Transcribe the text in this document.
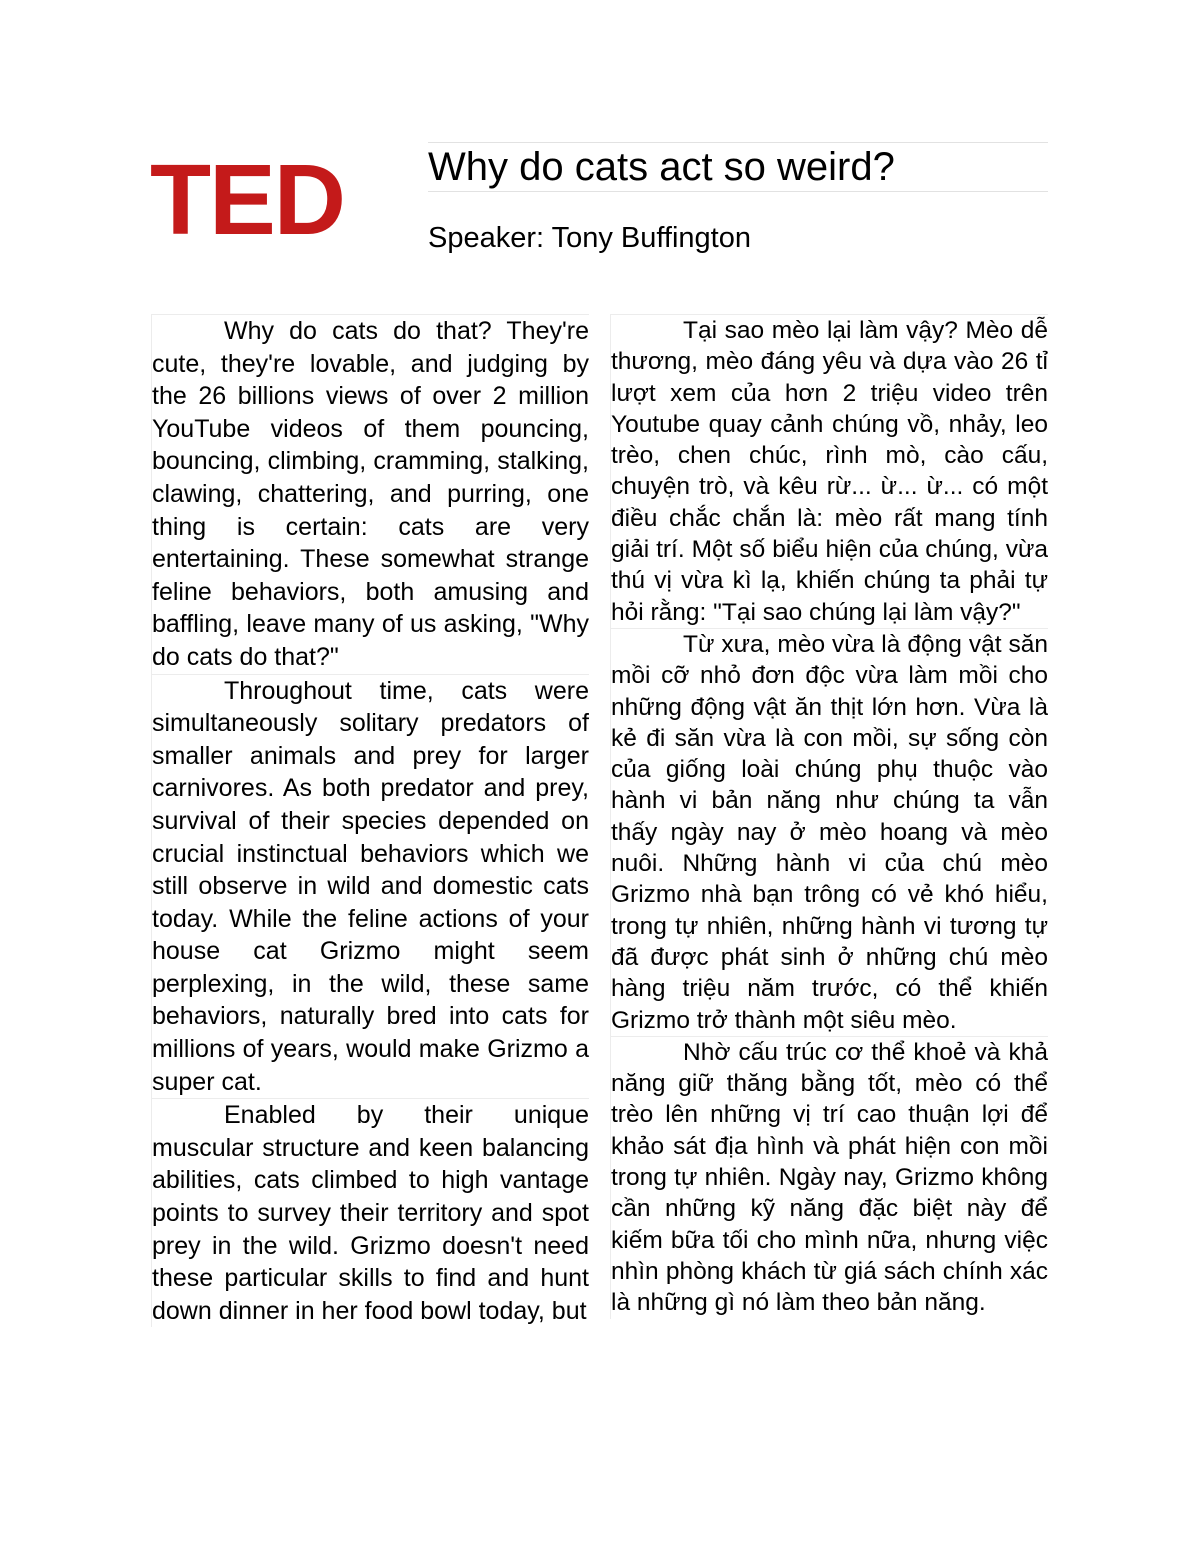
TED Why do cats act so weird?
Speaker: Tony Buffington

Why do cats do that? They're cute, they're lovable, and judging by the 26 billions views of over 2 million YouTube videos of them pouncing, bouncing, climbing, cramming, stalking, clawing, chattering, and purring, one thing is certain: cats are very entertaining. These somewhat strange feline behaviors, both amusing and baffling, leave many of us asking, "Why do cats do that?"

Throughout time, cats were simultaneously solitary predators of smaller animals and prey for larger carnivores. As both predator and prey, survival of their species depended on crucial instinctual behaviors which we still observe in wild and domestic cats today. While the feline actions of your house cat Grizmo might seem perplexing, in the wild, these same behaviors, naturally bred into cats for millions of years, would make Grizmo a super cat.

Enabled by their unique muscular structure and keen balancing abilities, cats climbed to high vantage points to survey their territory and spot prey in the wild. Grizmo doesn't need these particular skills to find and hunt down dinner in her food bowl today, but

Tại sao mèo lại làm vậy? Mèo dễ thương, mèo đáng yêu và dựa vào 26 tỉ lượt xem của hơn 2 triệu video trên Youtube quay cảnh chúng vồ, nhảy, leo trèo, chen chúc, rình mò, cào cấu, chuyện trò, và kêu rừ... ừ... ừ... có một điều chắc chắn là: mèo rất mang tính giải trí. Một số biểu hiện của chúng, vừa thú vị vừa kì lạ, khiến chúng ta phải tự hỏi rằng: "Tại sao chúng lại làm vậy?"

Từ xưa, mèo vừa là động vật săn mồi cỡ nhỏ đơn độc vừa làm mồi cho những động vật ăn thịt lớn hơn. Vừa là kẻ đi săn vừa là con mồi, sự sống còn của giống loài chúng phụ thuộc vào hành vi bản năng như chúng ta vẫn thấy ngày nay ở mèo hoang và mèo nuôi. Những hành vi của chú mèo Grizmo nhà bạn trông có vẻ khó hiểu, trong tự nhiên, những hành vi tương tự đã được phát sinh ở những chú mèo hàng triệu năm trước, có thể khiến Grizmo trở thành một siêu mèo.

Nhờ cấu trúc cơ thể khoẻ và khả năng giữ thăng bằng tốt, mèo có thể trèo lên những vị trí cao thuận lợi để khảo sát địa hình và phát hiện con mồi trong tự nhiên. Ngày nay, Grizmo không cần những kỹ năng đặc biệt này để kiếm bữa tối cho mình nữa, nhưng việc nhìn phòng khách từ giá sách chính xác là những gì nó làm theo bản năng.
